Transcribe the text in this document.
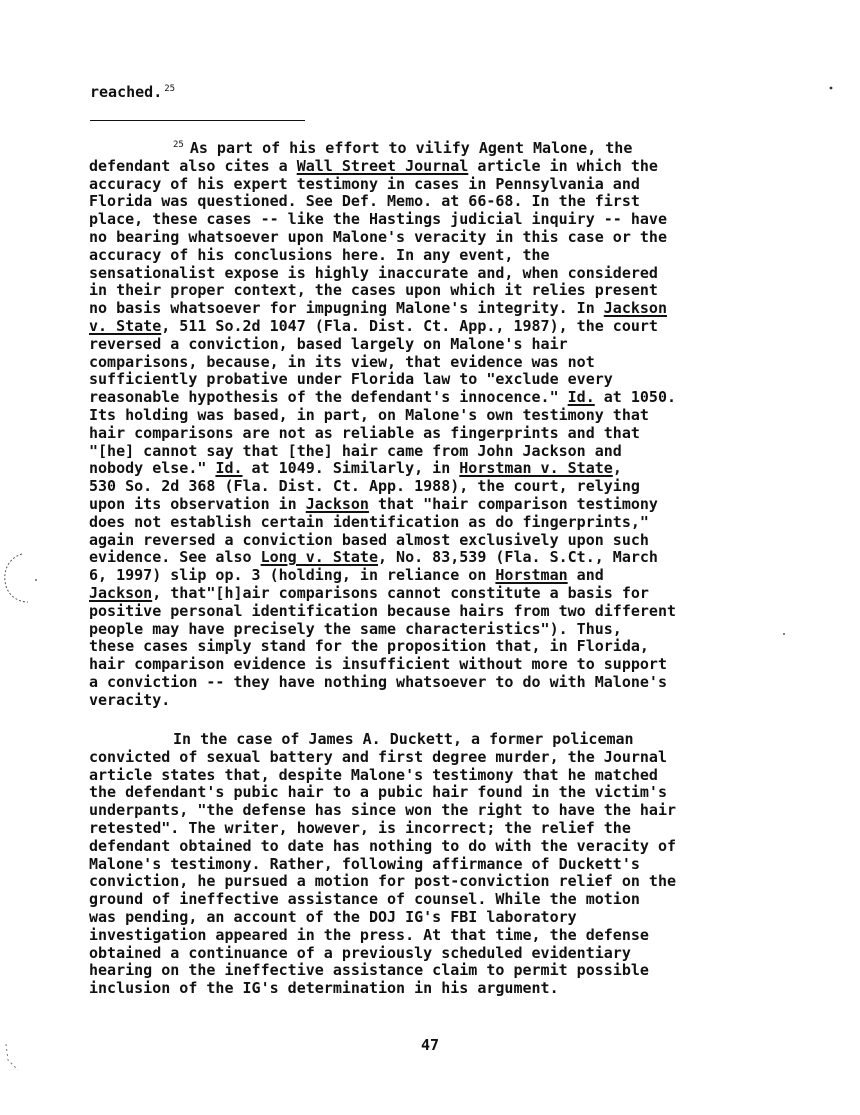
reached. $^{25}$
$^{25}$ As part of his effort to vilify Agent Malone, the
defendant also cites a Wall Street Journal article in which the
accuracy of his expert testimony in cases in Pennsylvania and
Florida was questioned. See Def. Memo. at 66-68. In the first
place, these cases -- like the Hastings judicial inquiry -- have
no bearing whatsoever upon Malone's veracity in this case or the
accuracy of his conclusions here. In any event, the
sensationalist expose is highly inaccurate and, when considered
in their proper context, the cases upon which it relies present
no basis whatsoever for impugning Malone's integrity. In Jackson
v. State, 511 So.2d 1047 (Fla. Dist. Ct. App., 1987), the court
reversed a conviction, based largely on Malone's hair
comparisons, because, in its view, that evidence was not
sufficiently probative under Florida law to "exclude every
reasonable hypothesis of the defendant's innocence." Id. at 1050.
Its holding was based, in part, on Malone's own testimony that
hair comparisons are not as reliable as fingerprints and that
"[he] cannot say that [the] hair came from John Jackson and
nobody else." Id. at 1049. Similarly, in Horstman v. State,
530 So. 2d 368 (Fla. Dist. Ct. App. 1988), the court, relying
upon its observation in Jackson that "hair comparison testimony
does not establish certain identification as do fingerprints,"
again reversed a conviction based almost exclusively upon such
evidence. See also Long v. State, No. 83,539 (Fla. S.Ct., March
6, 1997) slip op. 3 (holding, in reliance on Horstman and
Jackson, that"[h]air comparisons cannot constitute a basis for
positive personal identification because hairs from two different
people may have precisely the same characteristics"). Thus,
these cases simply stand for the proposition that, in Florida,
hair comparison evidence is insufficient without more to support
a conviction -- they have nothing whatsoever to do with Malone's
veracity.
In the case of James A. Duckett, a former policeman
convicted of sexual battery and first degree murder, the Journal
article states that, despite Malone's testimony that he matched
the defendant's pubic hair to a pubic hair found in the victim's
underpants, "the defense has since won the right to have the hair
retested". The writer, however, is incorrect; the relief the
defendant obtained to date has nothing to do with the veracity of
Malone's testimony. Rather, following affirmance of Duckett's
conviction, he pursued a motion for post-conviction relief on the
ground of ineffective assistance of counsel. While the motion
was pending, an account of the DOJ IG's FBI laboratory
investigation appeared in the press. At that time, the defense
obtained a continuance of a previously scheduled evidentiary
hearing on the ineffective assistance claim to permit possible
inclusion of the IG's determination in his argument.
47
